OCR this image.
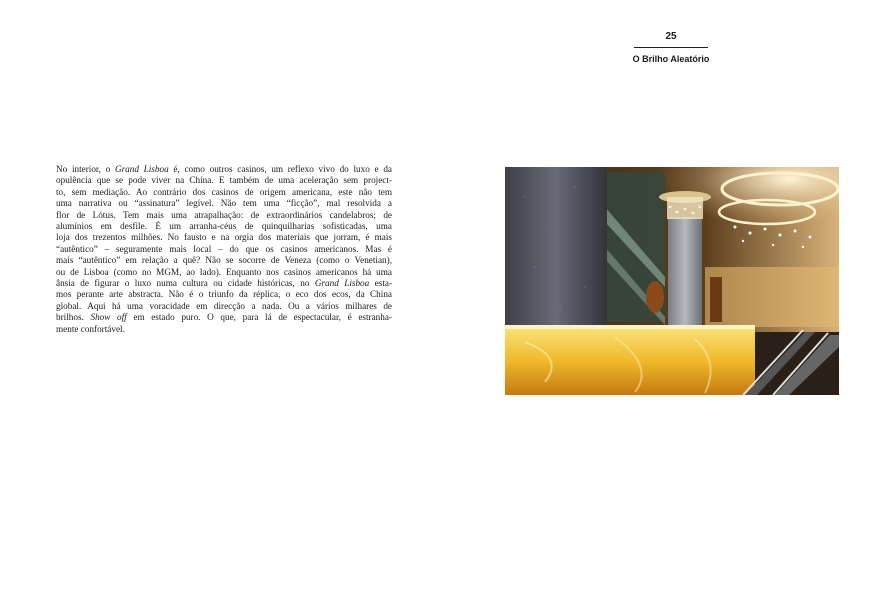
25
O Brilho Aleatório
No interior, o Grand Lisboa é, como outros casinos, um reflexo vivo do luxo e da
opulência que se pode viver na China. E também de uma aceleração sem project-
to, sem mediação. Ao contrário dos casinos de origem americana, este não tem
uma narrativa ou “assinatura” legível. Não tem uma “ficção”, mal resolvida a
flor de Lótus. Tem mais uma atrapalhação: de extraordinários candelabros; de
alumínios em desfile. É um arranha-céus de quinquilharias sofisticadas, uma
loja dos trezentos milhões. No fausto e na orgia dos materiais que jorram, é mais
“autêntico” – seguramente mais local – do que os casinos americanos. Mas é
mais “autêntico” em relação a quê? Não se socorre de Veneza (como o Venetian),
ou de Lisboa (como no MGM, ao lado). Enquanto nos casinos americanos há uma
ânsia de figurar o luxo numa cultura ou cidade históricas, no Grand Lisboa esta-
mos perante arte abstracta. Não é o triunfo da réplica, o eco dos ecos, da China
global. Aqui há uma voracidade em direcção a nada. Ou a vários milhares de
brilhos. Show off em estado puro. O que, para lá de espectacular, é estranha-
mente confortável.
